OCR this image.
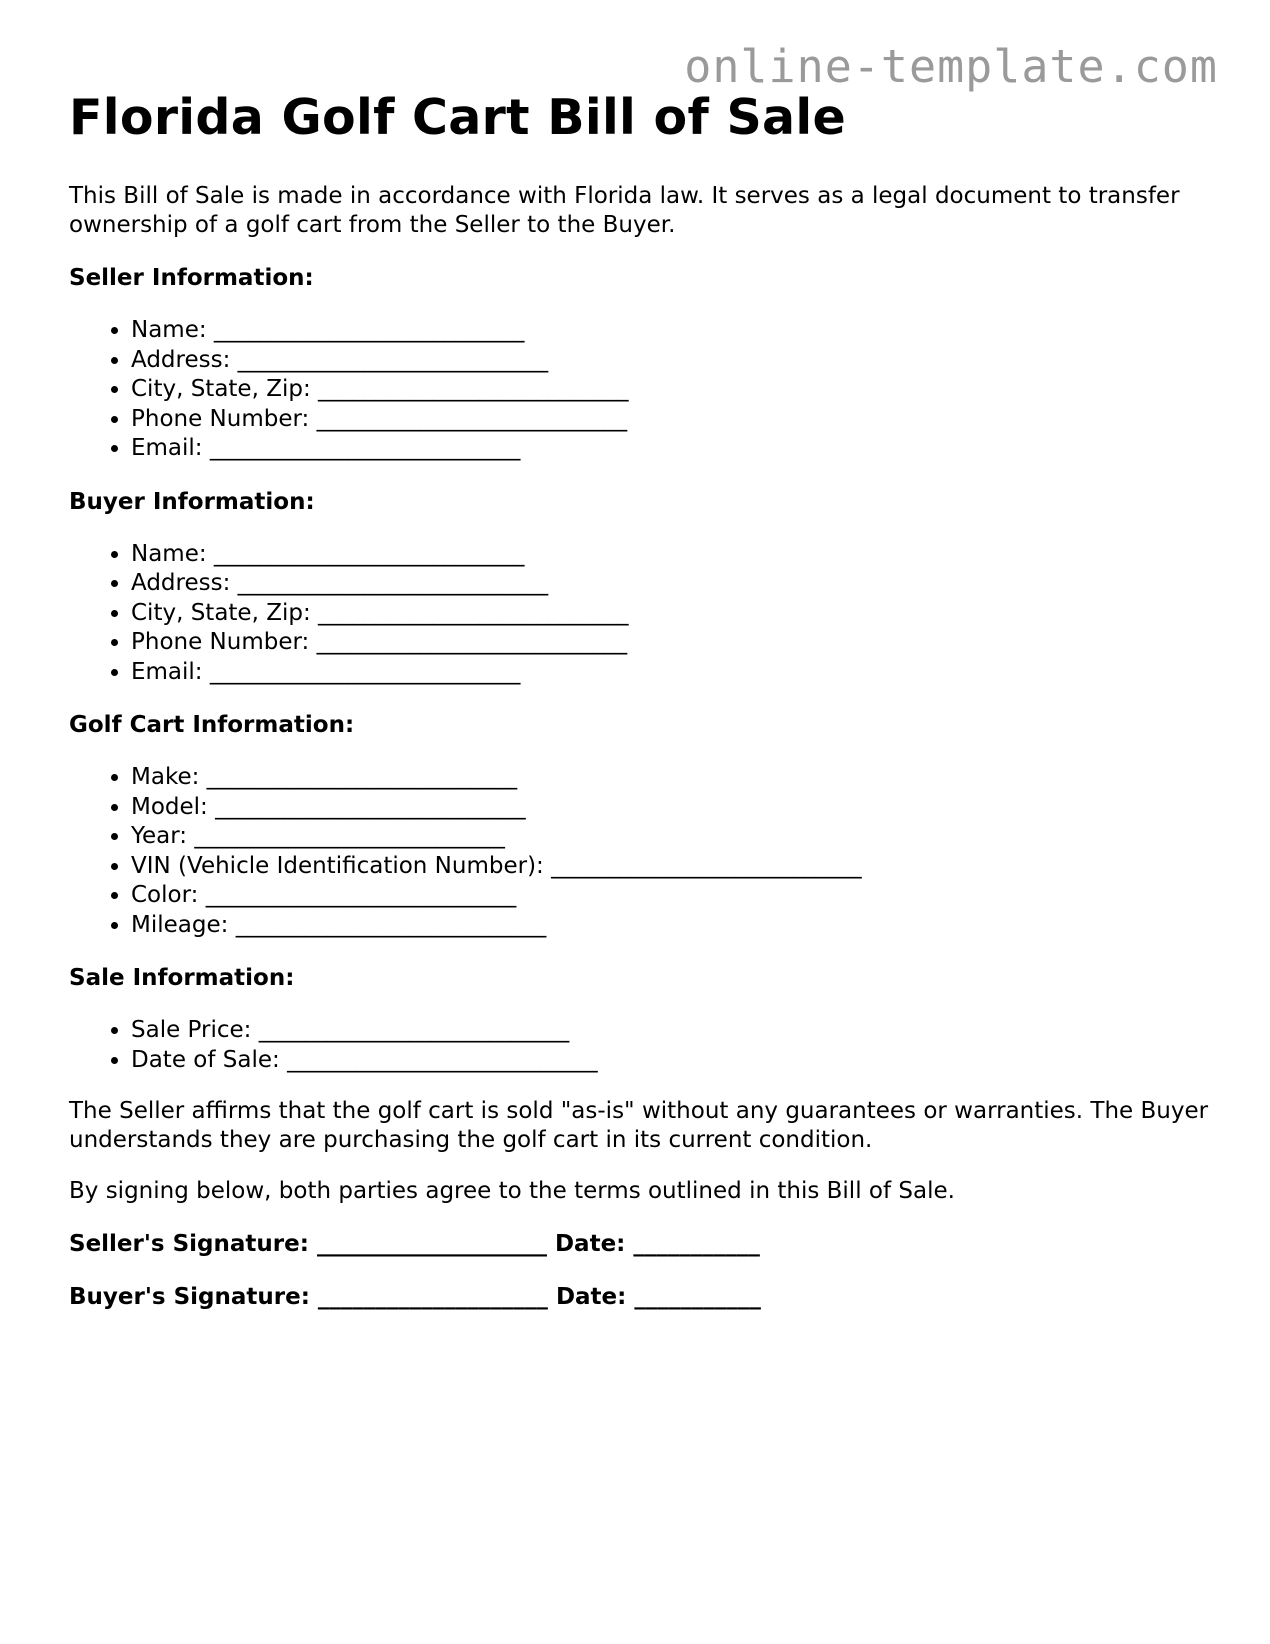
online-template.com
Florida Golf Cart Bill of Sale

This Bill of Sale is made in accordance with Florida law. It serves as a legal document to transfer ownership of a golf cart from the Seller to the Buyer.

Seller Information:
• Name: ___________________________
• Address: ___________________________
• City, State, Zip: ___________________________
• Phone Number: ___________________________
• Email: ___________________________
Buyer Information:
• Name: ___________________________
• Address: ___________________________
• City, State, Zip: ___________________________
• Phone Number: ___________________________
• Email: ___________________________
Golf Cart Information:
• Make: ___________________________
• Model: ___________________________
• Year: ___________________________
• VIN (Vehicle Identification Number): ___________________________
• Color: ___________________________
• Mileage: ___________________________
Sale Information:
• Sale Price: ___________________________
• Date of Sale: ___________________________

The Seller affirms that the golf cart is sold "as-is" without any guarantees or warranties. The Buyer understands they are purchasing the golf cart in its current condition.

By signing below, both parties agree to the terms outlined in this Bill of Sale.

Seller's Signature: ____________________ Date: ___________
Buyer's Signature: ____________________ Date: ___________
